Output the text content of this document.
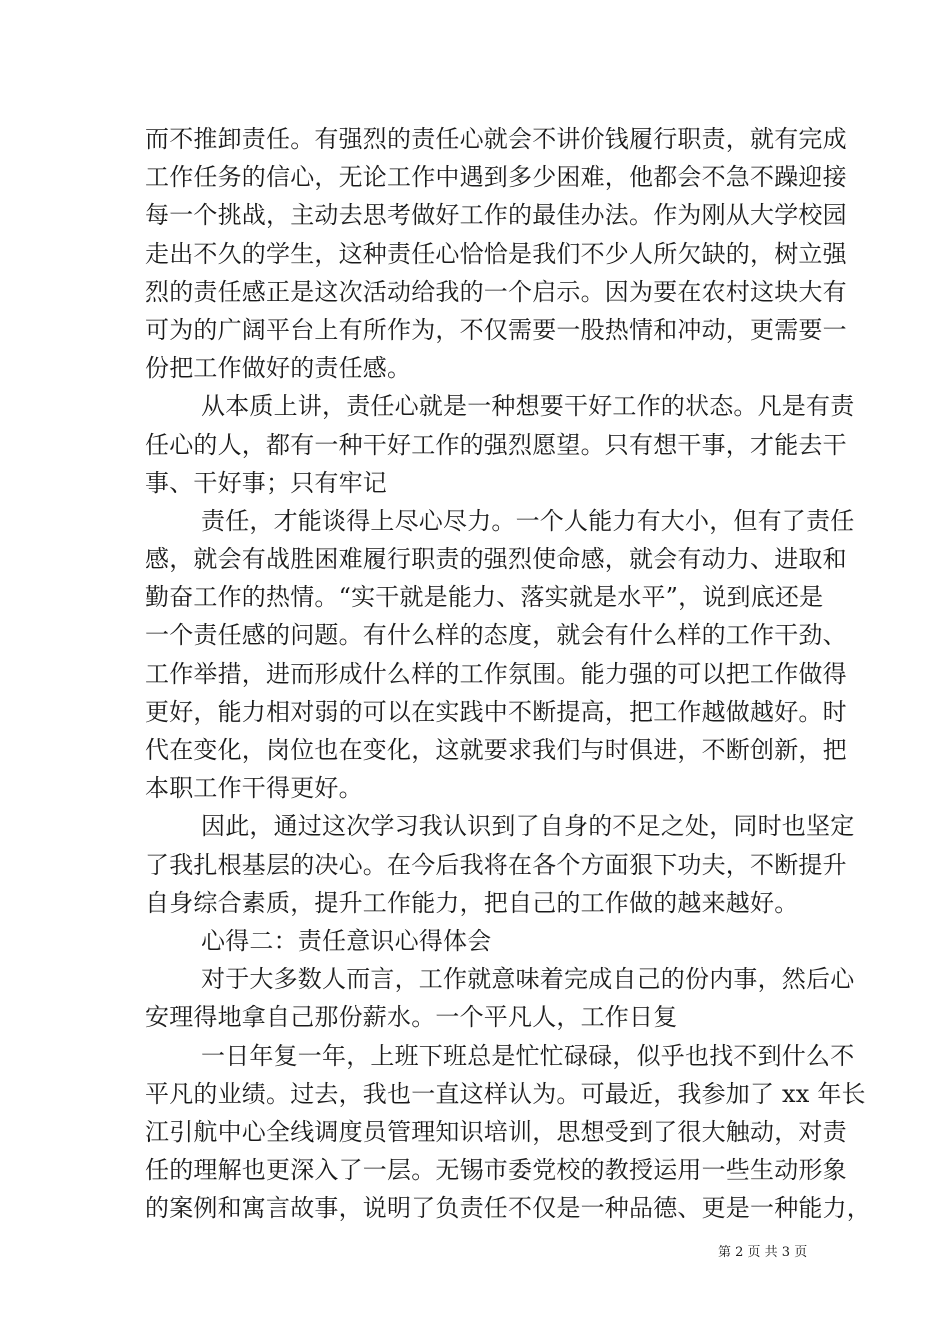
而不推卸责任。有强烈的责任心就会不讲价钱履行职责，就有完成
工作任务的信心，无论工作中遇到多少困难，他都会不急不躁迎接
每一个挑战，主动去思考做好工作的最佳办法。作为刚从大学校园
走出不久的学生，这种责任心恰恰是我们不少人所欠缺的，树立强
烈的责任感正是这次活动给我的一个启示。因为要在农村这块大有
可为的广阔平台上有所作为，不仅需要一股热情和冲动，更需要一
份把工作做好的责任感。
从本质上讲，责任心就是一种想要干好工作的状态。凡是有责
任心的人，都有一种干好工作的强烈愿望。只有想干事，才能去干
事、干好事；只有牢记
责任，才能谈得上尽心尽力。一个人能力有大小，但有了责任
感，就会有战胜困难履行职责的强烈使命感，就会有动力、进取和
勤奋工作的热情。“实干就是能力、落实就是水平”，说到底还是
一个责任感的问题。有什么样的态度，就会有什么样的工作干劲、
工作举措，进而形成什么样的工作氛围。能力强的可以把工作做得
更好，能力相对弱的可以在实践中不断提高，把工作越做越好。时
代在变化，岗位也在变化，这就要求我们与时俱进，不断创新，把
本职工作干得更好。
因此，通过这次学习我认识到了自身的不足之处，同时也坚定
了我扎根基层的决心。在今后我将在各个方面狠下功夫，不断提升
自身综合素质，提升工作能力，把自己的工作做的越来越好。
心得二：责任意识心得体会
对于大多数人而言，工作就意味着完成自己的份内事，然后心
安理得地拿自己那份薪水。一个平凡人，工作日复
一日年复一年，上班下班总是忙忙碌碌，似乎也找不到什么不
平凡的业绩。过去，我也一直这样认为。可最近，我参加了 xx 年长
江引航中心全线调度员管理知识培训，思想受到了很大触动，对责
任的理解也更深入了一层。无锡市委党校的教授运用一些生动形象
的案例和寓言故事，说明了负责任不仅是一种品德、更是一种能力，
第 2 页 共 3 页
